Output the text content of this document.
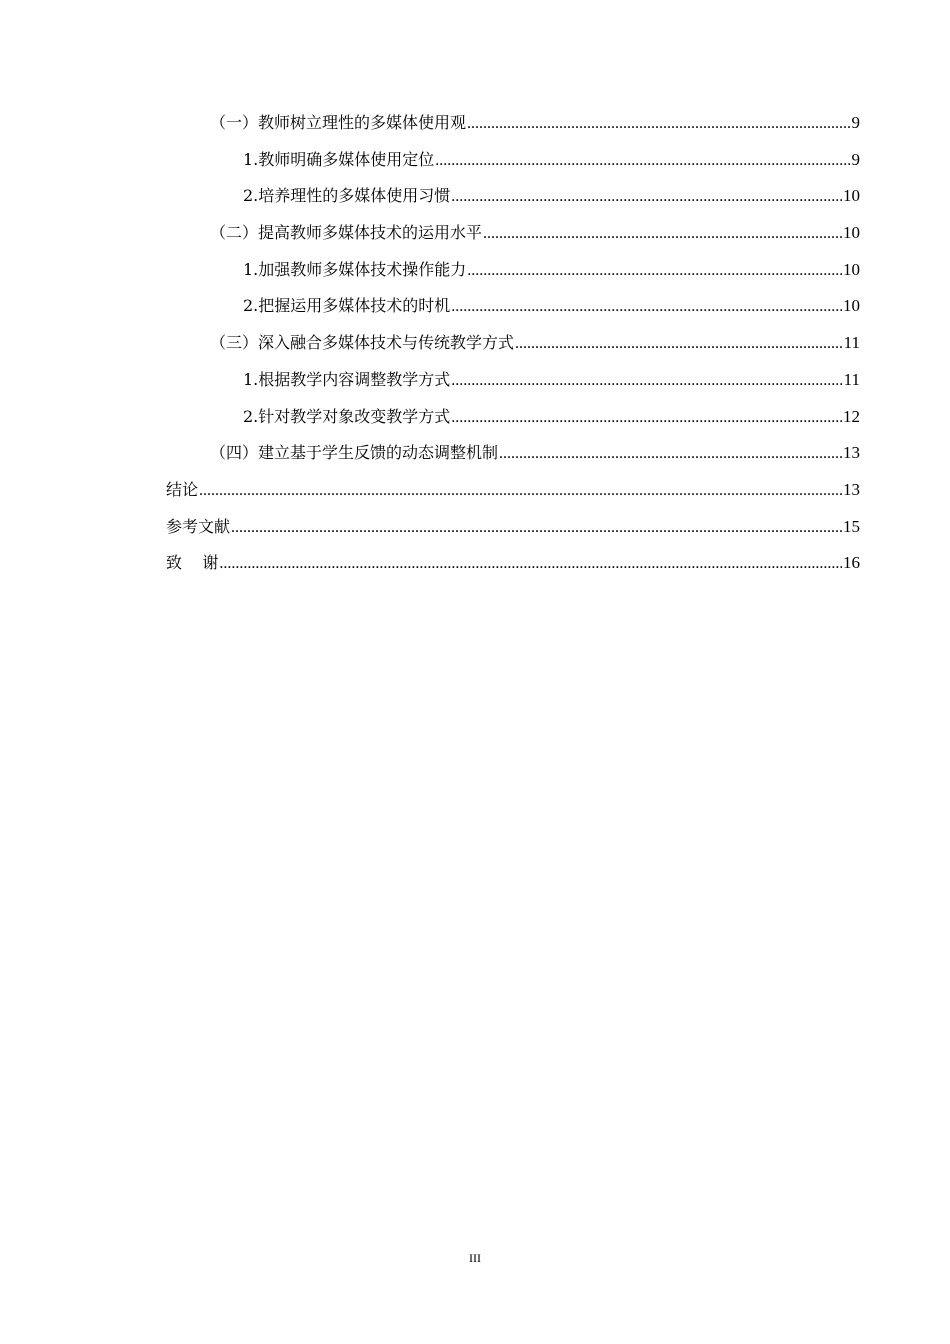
（一） 教师树立理性的多媒体使用观 .....	9
1. 教师明确多媒体使用定位 .....	9
2. 培养理性的多媒体使用习惯 .....	10
（二） 提高教师多媒体技术的运用水平 .....	10
1. 加强教师多媒体技术操作能力 .....	10
2. 把握运用多媒体技术的时机 .....	10
（三） 深入融合多媒体技术与传统教学方式 .....	11
1. 根据教学内容调整教学方式 .....	11
2. 针对教学对象改变教学方式 .....	12
（四） 建立基于学生反馈的动态调整机制 .....	13
结论 .....	13
参考文献 .....	15
致    谢 .....	16
III
